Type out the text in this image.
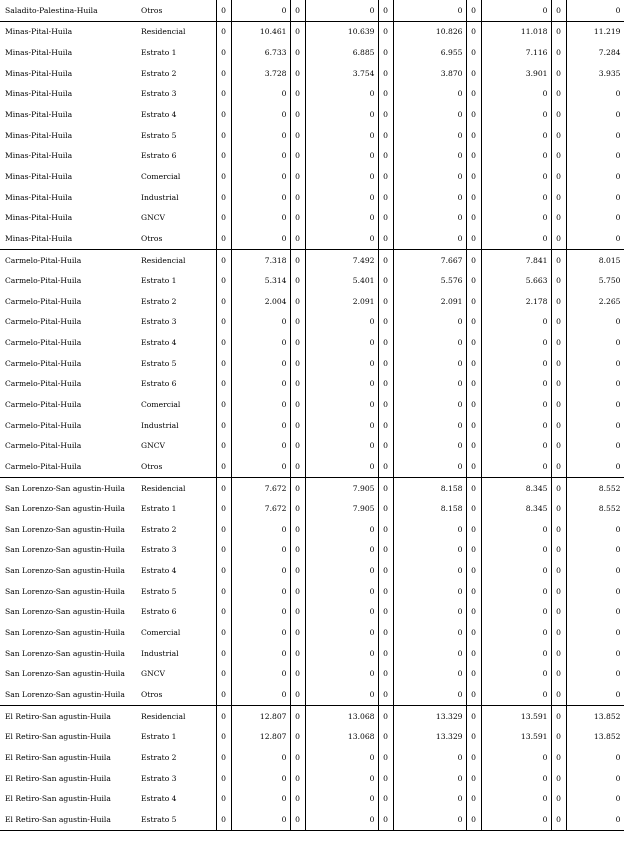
Saladito-Palestina-Huila	Otros	0	0	0	0	0	0	0	0	0	0
Minas-Pital-Huila	Residencial	0	10.461	0	10.639	0	10.826	0	11.018	0	11.219
Minas-Pital-Huila	Estrato 1	0	6.733	0	6.885	0	6.955	0	7.116	0	7.284
Minas-Pital-Huila	Estrato 2	0	3.728	0	3.754	0	3.870	0	3.901	0	3.935
Minas-Pital-Huila	Estrato 3	0	0	0	0	0	0	0	0	0	0
Minas-Pital-Huila	Estrato 4	0	0	0	0	0	0	0	0	0	0
Minas-Pital-Huila	Estrato 5	0	0	0	0	0	0	0	0	0	0
Minas-Pital-Huila	Estrato 6	0	0	0	0	0	0	0	0	0	0
Minas-Pital-Huila	Comercial	0	0	0	0	0	0	0	0	0	0
Minas-Pital-Huila	Industrial	0	0	0	0	0	0	0	0	0	0
Minas-Pital-Huila	GNCV	0	0	0	0	0	0	0	0	0	0
Minas-Pital-Huila	Otros	0	0	0	0	0	0	0	0	0	0
Carmelo-Pital-Huila	Residencial	0	7.318	0	7.492	0	7.667	0	7.841	0	8.015
Carmelo-Pital-Huila	Estrato 1	0	5.314	0	5.401	0	5.576	0	5.663	0	5.750
Carmelo-Pital-Huila	Estrato 2	0	2.004	0	2.091	0	2.091	0	2.178	0	2.265
Carmelo-Pital-Huila	Estrato 3	0	0	0	0	0	0	0	0	0	0
Carmelo-Pital-Huila	Estrato 4	0	0	0	0	0	0	0	0	0	0
Carmelo-Pital-Huila	Estrato 5	0	0	0	0	0	0	0	0	0	0
Carmelo-Pital-Huila	Estrato 6	0	0	0	0	0	0	0	0	0	0
Carmelo-Pital-Huila	Comercial	0	0	0	0	0	0	0	0	0	0
Carmelo-Pital-Huila	Industrial	0	0	0	0	0	0	0	0	0	0
Carmelo-Pital-Huila	GNCV	0	0	0	0	0	0	0	0	0	0
Carmelo-Pital-Huila	Otros	0	0	0	0	0	0	0	0	0	0
San Lorenzo-San agustin-Huila	Residencial	0	7.672	0	7.905	0	8.158	0	8.345	0	8.552
San Lorenzo-San agustin-Huila	Estrato 1	0	7.672	0	7.905	0	8.158	0	8.345	0	8.552
San Lorenzo-San agustin-Huila	Estrato 2	0	0	0	0	0	0	0	0	0	0
San Lorenzo-San agustin-Huila	Estrato 3	0	0	0	0	0	0	0	0	0	0
San Lorenzo-San agustin-Huila	Estrato 4	0	0	0	0	0	0	0	0	0	0
San Lorenzo-San agustin-Huila	Estrato 5	0	0	0	0	0	0	0	0	0	0
San Lorenzo-San agustin-Huila	Estrato 6	0	0	0	0	0	0	0	0	0	0
San Lorenzo-San agustin-Huila	Comercial	0	0	0	0	0	0	0	0	0	0
San Lorenzo-San agustin-Huila	Industrial	0	0	0	0	0	0	0	0	0	0
San Lorenzo-San agustin-Huila	GNCV	0	0	0	0	0	0	0	0	0	0
San Lorenzo-San agustin-Huila	Otros	0	0	0	0	0	0	0	0	0	0
El Retiro-San agustin-Huila	Residencial	0	12.807	0	13.068	0	13.329	0	13.591	0	13.852
El Retiro-San agustin-Huila	Estrato 1	0	12.807	0	13.068	0	13.329	0	13.591	0	13.852
El Retiro-San agustin-Huila	Estrato 2	0	0	0	0	0	0	0	0	0	0
El Retiro-San agustin-Huila	Estrato 3	0	0	0	0	0	0	0	0	0	0
El Retiro-San agustin-Huila	Estrato 4	0	0	0	0	0	0	0	0	0	0
El Retiro-San agustin-Huila	Estrato 5	0	0	0	0	0	0	0	0	0	0
